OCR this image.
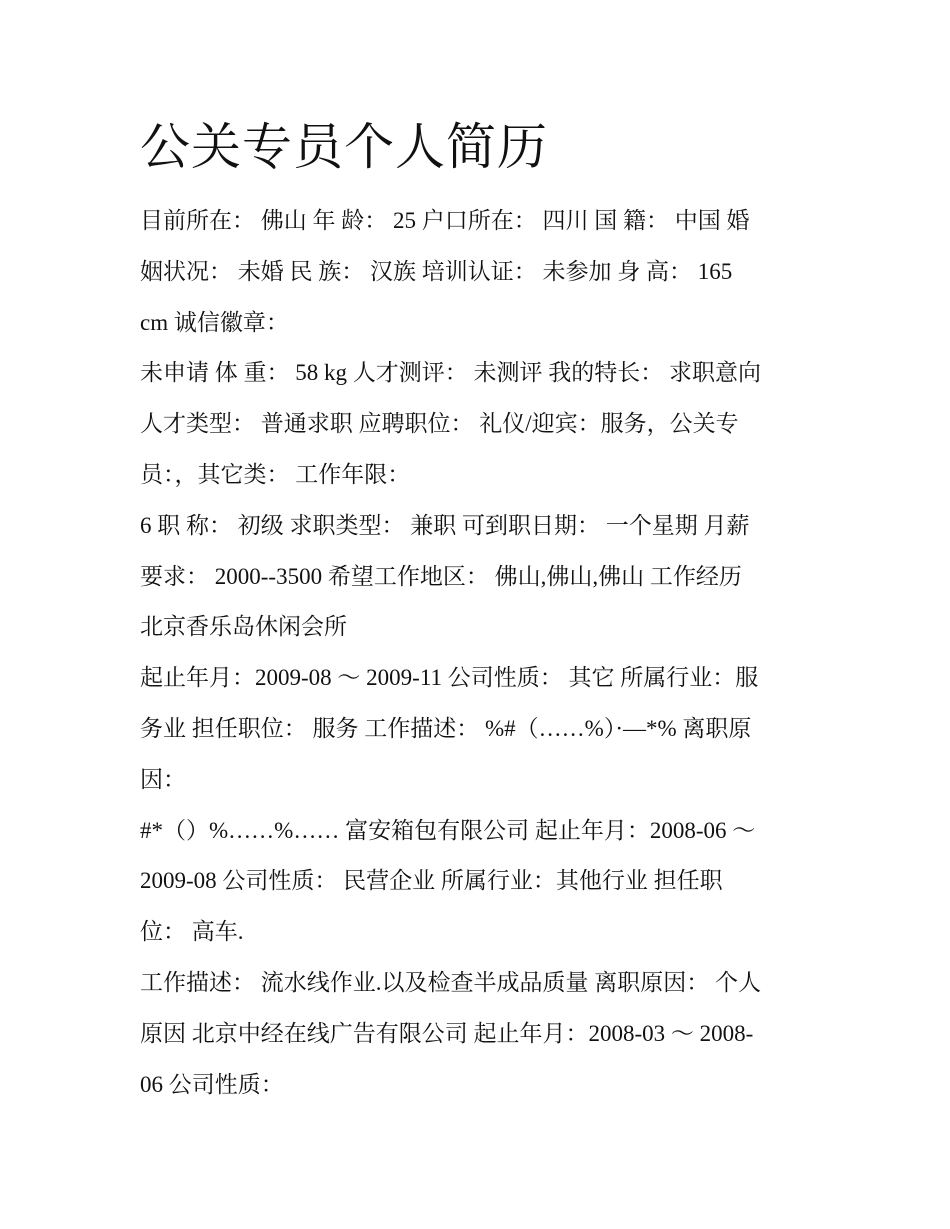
公关专员个人简历

目前所在： 佛山 年 龄： 25 户口所在： 四川 国 籍： 中国 婚

姻状况： 未婚 民 族： 汉族 培训认证： 未参加 身 高： 165

cm 诚信徽章：

未申请 体 重： 58 kg 人才测评： 未测评 我的特长： 求职意向

人才类型： 普通求职 应聘职位： 礼仪/迎宾：服务，公关专

员：，其它类： 工作年限：

6 职 称： 初级 求职类型： 兼职 可到职日期： 一个星期 月薪

要求： 2000--3500 希望工作地区： 佛山,佛山,佛山 工作经历

北京香乐岛休闲会所

起止年月：2009-08 ～ 2009-11 公司性质： 其它 所属行业：服

务业 担任职位： 服务 工作描述： %#（……%）·—*% 离职原

因：

#*（）%……%…… 富安箱包有限公司 起止年月：2008-06 ～

2009-08 公司性质： 民营企业 所属行业：其他行业 担任职

位： 高车.

工作描述： 流水线作业.以及检查半成品质量 离职原因： 个人

原因 北京中经在线广告有限公司 起止年月：2008-03 ～ 2008-

06 公司性质：
